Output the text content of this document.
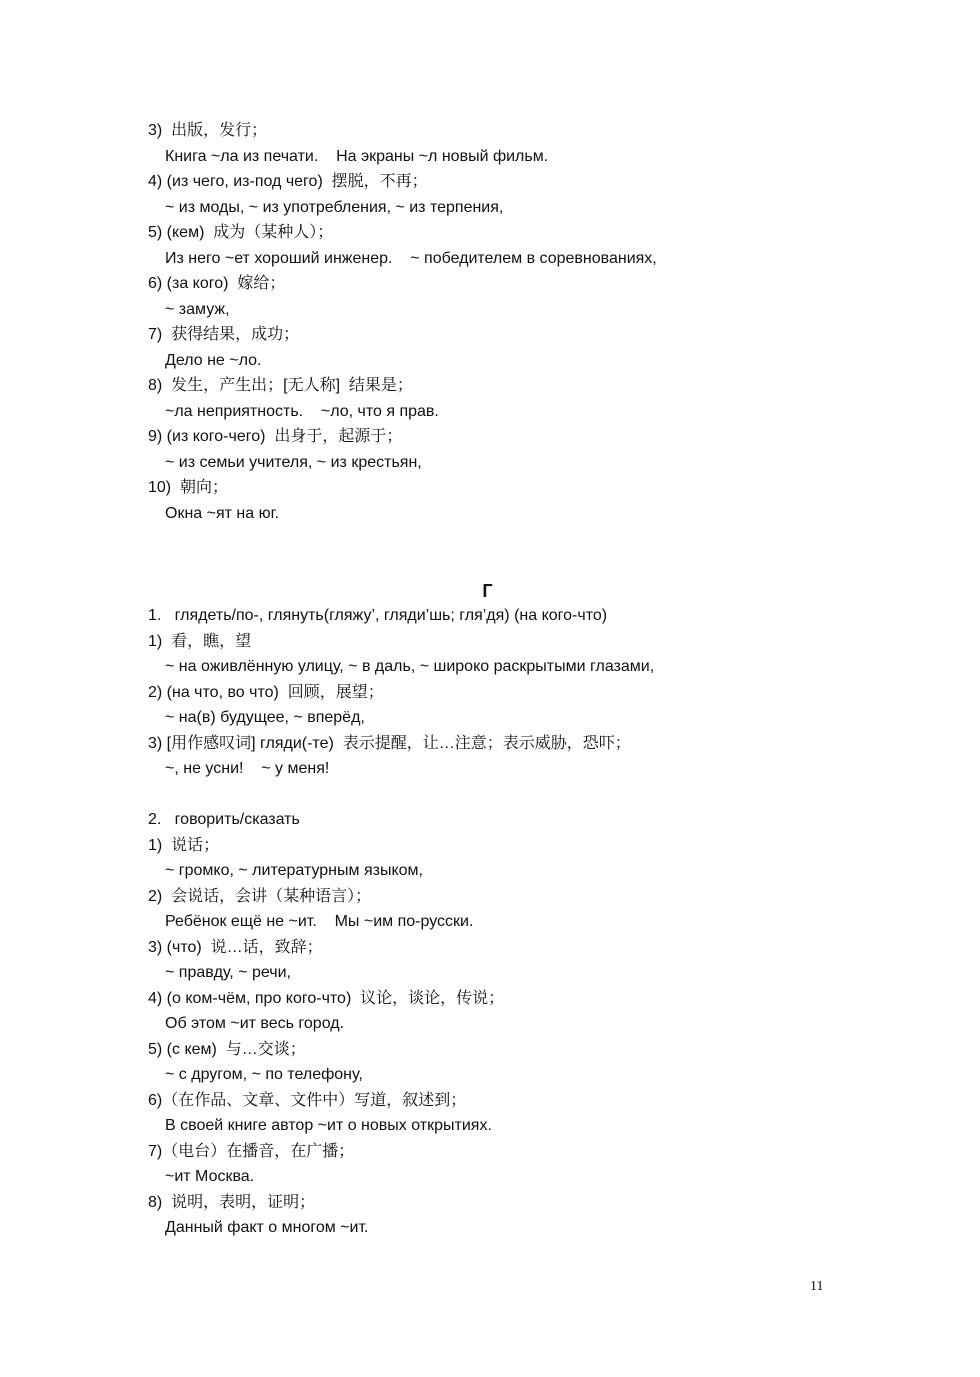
3)  出版，发行；
Книга ~ла из печати.    На экраны ~л новый фильм.
4) (из чего, из-под чего)  摆脱，不再；
~ из моды, ~ из употребления, ~ из терпения,
5) (кем)  成为（某种人）；
Из него ~ет хороший инженер.    ~ победителем в соревнованиях,
6) (за кого)  嫁给；
~ замуж,
7)  获得结果，成功；
Дело не ~ло.
8)  发生，产生出；[无人称]  结果是；
~ла неприятность.    ~ло, что я прав.
9) (из кого-чего)  出身于，起源于；
~ из семьи учителя, ~ из крестьян,
10)  朝向；
Окна ~ят на юг.
Г
1.   глядеть/по-, глянуть(гляжу’, гляди’шь; гля’дя) (на кого-что)
1)  看，瞧，望
~ на оживлённую улицу, ~ в даль, ~ широко раскрытыми глазами,
2) (на что, во что)  回顾，展望；
~ на(в) будущее, ~ вперёд,
3) [用作感叹词] гляди(-те)  表示提醒，让…注意；表示威胁，恐吓；
~, не усни!    ~ у меня!
2.   говорить/сказать
1)  说话；
~ громко, ~ литературным языком,
2)  会说话，会讲（某种语言）；
Ребёнок ещё не ~ит.    Мы ~им по-русски.
3) (что)  说…话，致辞；
~ правду, ~ речи,
4) (о ком-чём, про кого-что)  议论，谈论，传说；
Об этом ~ит весь город.
5) (с кем)  与…交谈；
~ с другом, ~ по телефону,
6)（在作品、文章、文件中）写道，叙述到；
В своей книге автор ~ит о новых открытиях.
7)（电台）在播音，在广播；
~ит Москва.
8)  说明，表明，证明；
Данный факт о многом ~ит.
11
